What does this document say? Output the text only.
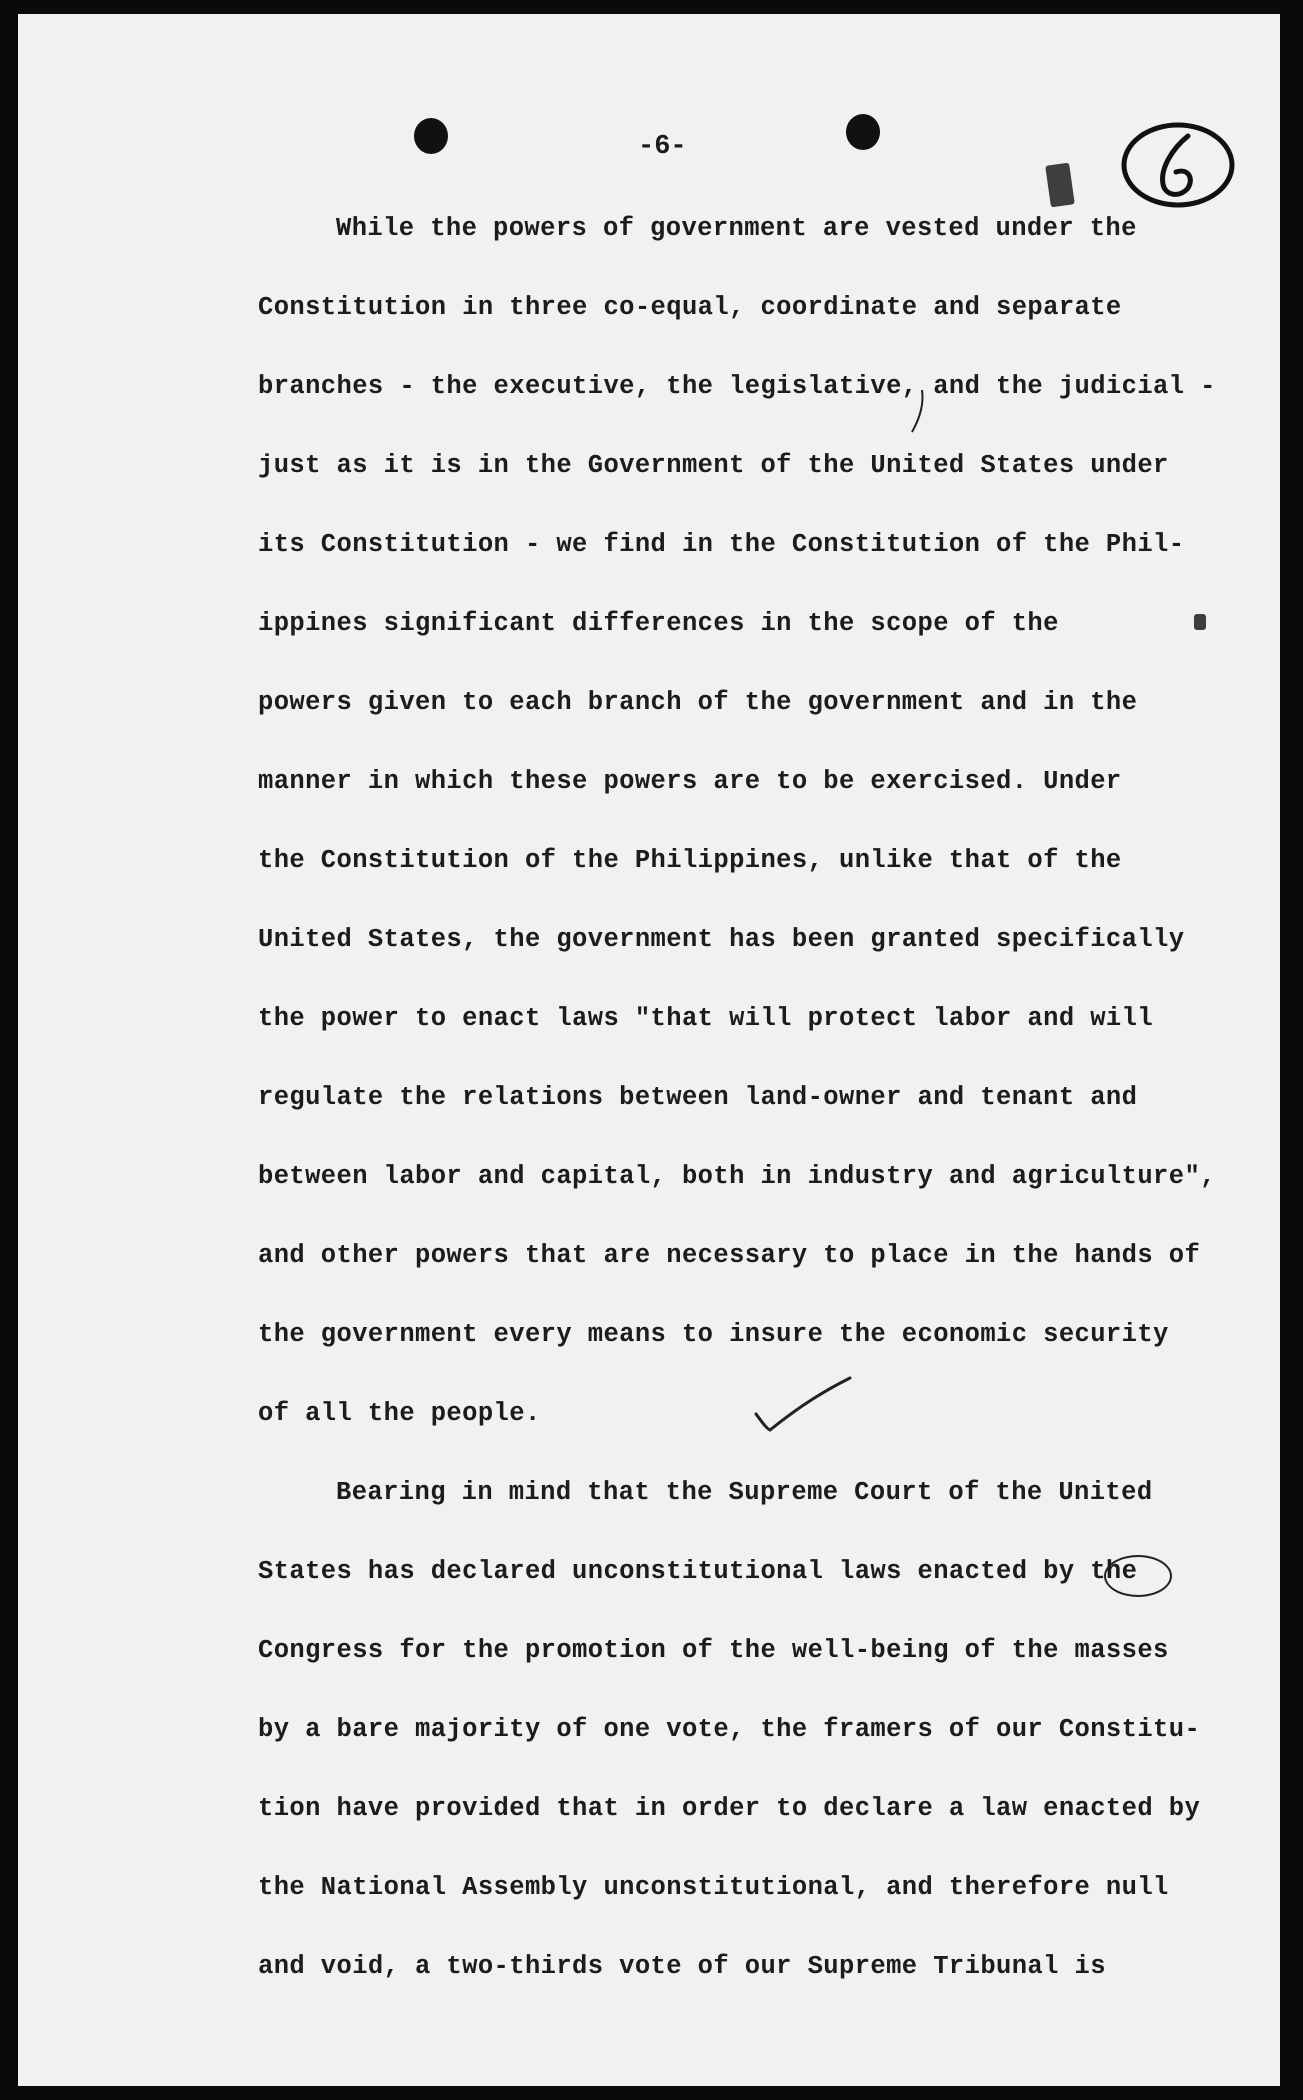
-6-
While the powers of government are vested under the
Constitution in three co-equal, coordinate and separate
branches - the executive, the legislative, and the judicial -
just as it is in the Government of the United States under
its Constitution - we find in the Constitution of the Phil-
ippines significant differences in the scope of the
powers given to each branch of the government and in the
manner in which these powers are to be exercised. Under
the Constitution of the Philippines, unlike that of the
United States, the government has been granted specifically
the power to enact laws "that will protect labor and will
regulate the relations between land-owner and tenant and
between labor and capital, both in industry and agriculture",
and other powers that are necessary to place in the hands of
the government every means to insure the economic security
of all the people.
Bearing in mind that the Supreme Court of the United
States has declared unconstitutional laws enacted by the
Congress for the promotion of the well-being of the masses
by a bare majority of one vote, the framers of our Constitu-
tion have provided that in order to declare a law enacted by
the National Assembly unconstitutional, and therefore null
and void, a two-thirds vote of our Supreme Tribunal is
